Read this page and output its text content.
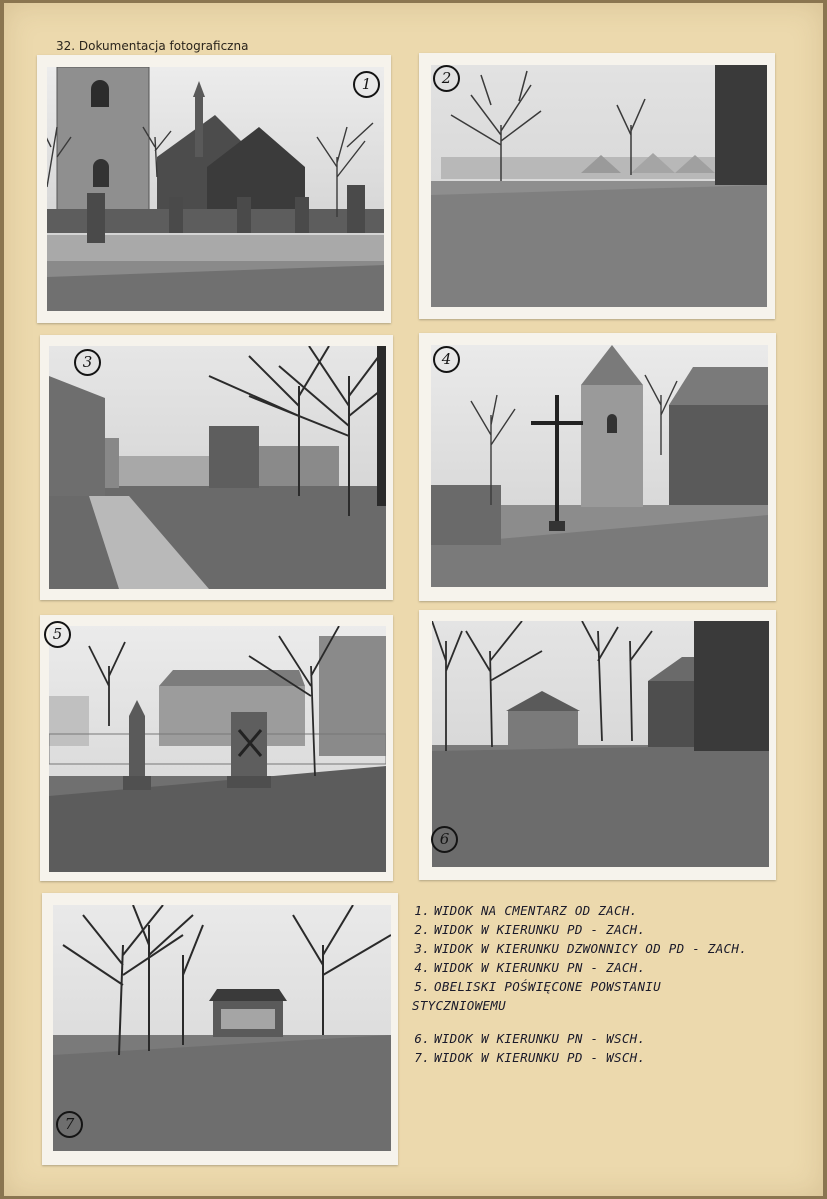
32. Dokumentacja fotograficzna
1	2
3	4
5
6
7
1. WIDOK NA CMENTARZ OD ZACH.
2. WIDOK W KIERUNKU PD - ZACH.
3. WIDOK W KIERUNKU DZWONNICY OD PD - ZACH.
4. WIDOK W KIERUNKU PN - ZACH.
5. OBELISKI POŚWIĘCONE POWSTANIU
STYCZNIOWEMU
6. WIDOK W KIERUNKU PN - WSCH.
7. WIDOK W KIERUNKU PD - WSCH.
